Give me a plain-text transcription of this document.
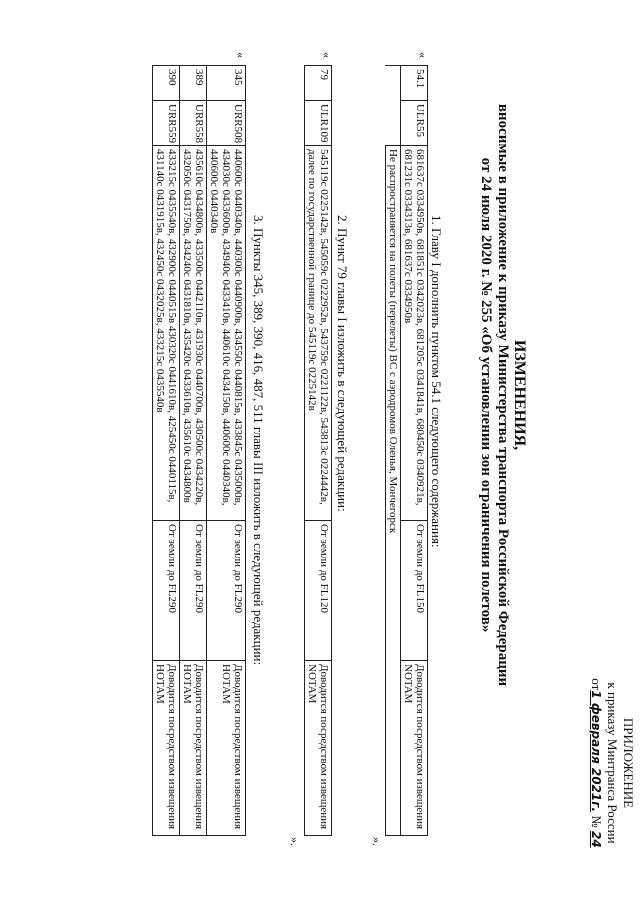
ПРИЛОЖЕНИЕ
к приказу Минтранса России
от1 февраля 2021г. № 24
ИЗМЕНЕНИЯ,
вносимые в приложение к приказу Министерства транспорта Российской Федерации
от 24 июля 2020 г. № 255 «Об установлении зон ограничения полетов»
1. Главу I дополнить пунктом 54.1 следующего содержания:
«
54.1	ULR55	681637с 0334950в, 681851с 0342023в, 681205с 0341841в, 680450с 0340921в, 681231с 0334313в, 681637с 0334950в	От земли до FL150	Доводится посредством извещения NOTAM
		Не распространяется на полеты (перелеты) ВС с аэродромов Оленья, Мончегорск		
».
2. Пункт 79 главы I изложить в следующей редакции:
«
79	ULR109	545119с 0225142в, 545059с 0222952в, 543759с 0221122в, 543813с 0224442в, далее по государственной границе до 545119с 0225142в	От земли до FL120	Доводится посредством извещения NOTAM
».
3. Пункты 345, 389, 390, 416, 487, 511 главы III изложить в следующей редакции:
«
345	URR508	440600с 0440340в, 440300с 0440900в, 434550с 0440815в, 433845с 0435000в, 434030с 0433600в, 434940с 0433410в, 440610с 0434150в, 440600с 0440340в, 440600с 0440340в	От земли до FL290	Доводится посредством извещения НОТАМ
389	URR558	435610с 0434800в, 433500с 0442110в, 431930с 0440700в, 430500с 0434220в, 432050с 0431750в, 434240с 0431810в, 435420с 0433610в, 435610с 0434800в	От земли до FL290	Доводится посредством извещения НОТАМ
390	URR559	433215с 0435540в, 432900с 0440515в 430320с 0441610в, 425450с 0440115в, 431140с 0431915в, 432450с 0432025в, 433215с 0435540в	От земли до FL290	Доводится посредством извещения НОТАМ
